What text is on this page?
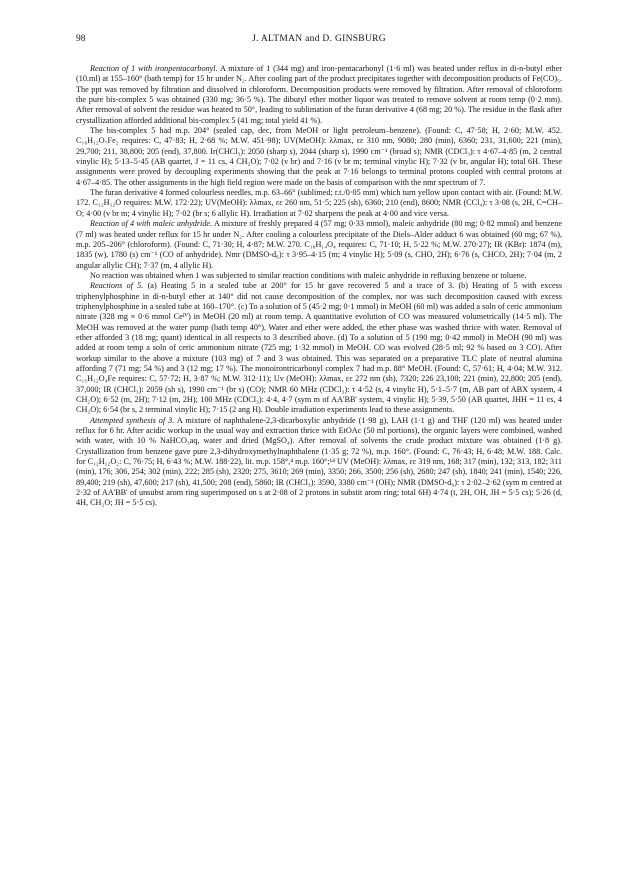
98	J. ALTMAN and D. GINSBURG

Reaction of 1 with ironpentacarbonyl. A mixture of 1 (344 mg) and iron-pentacarbonyl (1·6 ml) was heated under reflux in di-n-butyl ether (10.ml) at 155–160° (bath temp) for 15 hr under N₂. After cooling part of the product precipitates together with decomposition products of Fe(CO)₅. The ppt was removed by filtration and dissolved in chloroform. Decomposition products were removed by filtration. After removal of chloroform the pure bis-complex 5 was obtained (330 mg; 36·5 %). The dibutyl ether mother liquor was treated to remove solvent at room temp (0·2 mm). After removal of solvent the residue was heated to 50°, leading to sublimation of the furan derivative 4 (68 mg; 20 %). The residue in the flask after crystallization afforded additional bis-complex 5 (41 mg; total yield 41 %).

The bis-complex 5 had m.p. 204° (sealed cap, dec, from MeOH or light petroleum–benzene). (Found: C, 47·58; H, 2·60; M.W. 452. C₁₆H₁₂O₇Fe₂ requires: C, 47·83; H, 2·68 %; M.W. 451·98); UV(MeOH): λλmax, εε 310 nm, 9080; 280 (min), 6360; 231, 31,600; 221 (min), 29,700; 211, 38,800; 205 (end), 37,800. Ir(CHCl₃): 2050 (sharp s), 2044 (sharp s), 1990 cm⁻¹ (broad s); NMR (CDCl₃): τ 4·67–4·85 (m, 2 central vinylic H); 5·13–5·45 (AB quartet, J = 11 cs, 4 CH₂O); 7·02 (v br) and 7·16 (v br m; terminal vinylic H); 7·32 (v br, angular H); total 6H. These assignments were proved by decoupling experiments showing that the peak at 7·16 belongs to terminal protons coupled with central protons at 4·67–4·85. The other assignments in the high field region were made on the basis of comparison with the nmr spectrum of 7.

The furan derivative 4 formed colourless needles, m.p. 63–66° (sublimed; r.t./0·05 mm) which turn yellow upon contact with air. (Found: M.W. 172. C₁₂H₁₂O requires: M.W. 172·22); UV(MeOH): λλmax, εε 260 nm, 51·5; 225 (sh), 6360; 210 (end), 8600; NMR (CCl₄): τ 3·08 (s, 2H, C=CH–O; 4·00 (v br m; 4 vinylic H); 7·02 (br s; 6 allylic H). Irradiation at 7·02 sharpens the peak at 4·00 and vice versa.

Reaction of 4 with maleic anhydride. A mixture of freshly prepared 4 (57 mg; 0·33 mmol), maleic anhydride (80 mg; 0·82 mmol) and benzene (7 ml) was heated under reflux for 15 hr under N₂. After cooling a colourless precipitate of the Diels–Alder adduct 6 was obtained (60 mg; 67 %), m.p. 205–206° (chloroform). (Found: C, 71·30; H, 4·87; M.W. 270. C₁₆H₁₄O₄ requires: C, 71·10; H, 5·22 %; M.W. 270·27); IR (KBr): 1874 (m), 1835 (w), 1780 (s) cm⁻¹ (CO of anhydride). Nmr (DMSO-d₆): τ 3·95–4·15 (m; 4 vinylic H); 5·09 (s, CHO, 2H); 6·76 (s, CHCO, 2H); 7·04 (m, 2 angular allylic CH); 7·37 (m, 4 allylic H).

No reaction was obtained when 1 was subjected to similar reaction conditions with maleic anhydride in refluxing benzene or toluene.

Reactions of 5. (a) Heating 5 in a sealed tube at 200° for 15 hr gave recovered 5 and a trace of 3. (b) Heating of 5 with excess triphenylphosphine in di-n-butyl ether at 140° did not cause decomposition of the complex, nor was such decomposition caused with excess triphenylphosphine in a sealed tube at 160–170°. (c) To a solution of 5 (45·2 mg; 0·1 mmol) in MeOH (60 ml) was added a soln of ceric ammonium nitrate (328 mg ≡ 0·6 mmol Ceᴵⱽ) in MeOH (20 ml) at room temp. A quantitative evolution of CO was measured volumetrically (14·5 ml). The MeOH was removed at the water pump (bath temp 40°). Water and ether were added, the ether phase was washed thrice with water. Removal of ether afforded 3 (18 mg; quant) identical in all respects to 3 described above. (d) To a solution of 5 (190 mg; 0·42 mmol) in MeOH (90 ml) was added at room temp a soln of ceric ammonium nitrate (725 mg; 1·32 mmol) in MeOH. CO was evolved (28·5 ml; 92 % based on 3 CO). After workup similar to the above a mixture (103 mg) of 7 and 3 was obtained. This was separated on a preparative TLC plate of neutral alumina affording 7 (71 mg; 54 %) and 3 (12 mg; 17 %). The monoirontricarbonyl complex 7 had m.p. 88° MeOH. (Found: C, 57·61; H, 4·04; M.W. 312. C₁₅H₁₂O₄Fe requires: C, 57·72; H, 3·87 %; M.W. 312·11); Uv (MeOH): λλmax, εε 272 nm (sh), 7320; 226 23,100; 221 (min), 22,800; 205 (end), 37,000; IR (CHCl₃): 2059 (sh s), 1990 cm⁻¹ (br s) (CO); NMR 60 MHz (CDCl₃): τ 4·52 (s, 4 vinylic H), 5·1–5·7 (m, AB part of ABX system, 4 CH₂O); 6·52 (m, 2H); 7·12 (m, 2H); 100 MHz (CDCl₃): 4·4, 4·7 (sym m of AA'BB' system, 4 vinylic H); 5·39, 5·50 (AB quartet, JHH = 11 cs, 4 CH₂O); 6·54 (br s, 2 terminal vinylic H); 7·15 (2 ang H). Double irradiation experiments lead to these assignments.

Attempted synthesis of 3. A mixture of naphthalene-2,3-dicarboxylic anhydride (1·98 g), LAH (1·1 g) and THF (120 ml) was heated under reflux for 6 hr. After acidic workup in the usual way and extraction thrice with EtOAc (50 ml portions), the organic layers were combined, washed with water, with 10 % NaHCO₃aq, water and dried (MgSO₄). After removal of solvents the crude product mixture was obtained (1·8 g). Crystallization from benzene gave pure 2,3-dihydroxymethylnaphthalene (1·35 g; 72 %), m.p. 160°. (Found: C, 76·43; H, 6·48; M.W. 188. Calc. for C₁₂H₁₂O₂: C, 76·75; H, 6·43 %; M.W. 188·22), lit. m.p. 158°,⁴ m.p. 160°;¹⁴ UV (MeOH): λλmax, εε 319 nm, 168; 317 (min), 132; 313, 182; 311 (min), 176; 306, 254; 302 (min), 222; 285 (sh), 2320; 275, 3610; 269 (min), 3350; 266, 3500; 256 (sh), 2680; 247 (sh), 1840; 241 (min), 1540; 226, 89,400; 219 (sh), 47,600; 217 (sh), 41,500; 208 (end), 5860; IR (CHCl₃): 3590, 3380 cm⁻¹ (OH); NMR (DMSO-d₆): τ 2·02–2·62 (sym m centred at 2·32 of AA'BB' of unsubst arom ring superimposed on s at 2·08 of 2 protons in substit arom ring; total 6H) 4·74 (t, 2H, OH, JH = 5·5 cs); 5·26 (d, 4H, CH₂O; JH = 5·5 cs).
